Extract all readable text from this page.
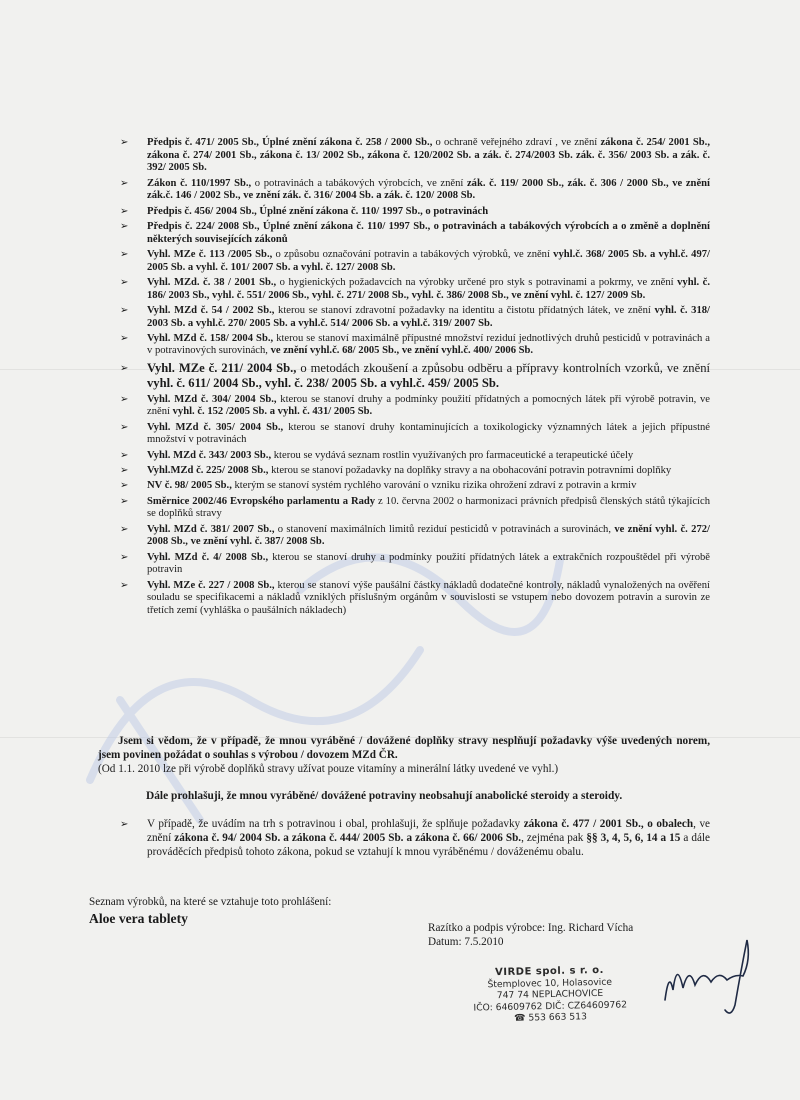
➢	Předpis č. 471/ 2005 Sb., Úplné znění zákona č. 258 / 2000 Sb., o ochraně veřejného zdraví , ve znění zákona č. 254/ 2001 Sb., zákona č. 274/ 2001 Sb., zákona č. 13/ 2002 Sb., zákona č. 120/2002 Sb. a zák. č. 274/2003 Sb. zák. č. 356/ 2003 Sb. a zák. č. 392/ 2005 Sb.
➢	Zákon č. 110/1997 Sb., o potravinách a tabákových výrobcích, ve znění zák. č. 119/ 2000 Sb., zák. č. 306 / 2000 Sb., ve znění zák.č. 146 / 2002 Sb., ve znění zák. č. 316/ 2004 Sb. a zák. č. 120/ 2008 Sb.
➢	Předpis č. 456/ 2004 Sb., Úplné znění zákona č. 110/ 1997 Sb., o potravinách
➢	Předpis č. 224/ 2008 Sb., Úplné znění zákona č. 110/ 1997 Sb., o potravinách a tabákových výrobcích a o změně a doplnění některých souvisejících zákonů
➢	Vyhl. MZe č. 113 /2005 Sb., o způsobu označování potravin a tabákových výrobků, ve znění vyhl.č. 368/ 2005 Sb. a vyhl.č. 497/ 2005 Sb. a vyhl. č. 101/ 2007 Sb. a vyhl. č. 127/ 2008 Sb.
➢	Vyhl. MZd. č. 38 / 2001 Sb., o hygienických požadavcích na výrobky určené pro styk s potravinami a pokrmy, ve znění vyhl. č. 186/ 2003 Sb., vyhl. č. 551/ 2006 Sb., vyhl. č. 271/ 2008 Sb., vyhl. č. 386/ 2008 Sb., ve znění vyhl. č. 127/ 2009 Sb.
➢	Vyhl. MZd č. 54 / 2002 Sb., kterou se stanoví zdravotní požadavky na identitu a čistotu přídatných látek, ve znění vyhl. č. 318/ 2003 Sb. a vyhl.č. 270/ 2005 Sb. a vyhl.č. 514/ 2006 Sb. a vyhl.č. 319/ 2007 Sb.
➢	Vyhl. MZd č. 158/ 2004 Sb., kterou se stanoví maximálně přípustné množství reziduí jednotlivých druhů pesticidů v potravinách a v potravinových surovinách, ve znění vyhl.č. 68/ 2005 Sb., ve znění vyhl.č. 400/ 2006 Sb.
➢	Vyhl. MZe č. 211/ 2004 Sb., o metodách zkoušení a způsobu odběru a přípravy kontrolních vzorků, ve znění vyhl. č. 611/ 2004 Sb., vyhl. č. 238/ 2005 Sb. a vyhl.č. 459/ 2005 Sb.
➢	Vyhl. MZd č. 304/ 2004 Sb., kterou se stanoví druhy a podmínky použití přídatných a pomocných látek při výrobě potravin, ve znění vyhl. č. 152 /2005 Sb. a vyhl. č. 431/ 2005 Sb.
➢	Vyhl. MZd č. 305/ 2004 Sb., kterou se stanoví druhy kontaminujících a toxikologicky významných látek a jejich přípustné množství v potravinách
➢	Vyhl. MZd č. 343/ 2003 Sb., kterou se vydává seznam rostlin využívaných pro farmaceutické a terapeutické účely
➢	Vyhl.MZd č. 225/ 2008 Sb., kterou se stanoví požadavky na doplňky stravy a na obohacování potravin potravními doplňky
➢	NV č. 98/ 2005 Sb., kterým se stanoví systém rychlého varování o vzniku rizika ohrožení zdraví z potravin a krmiv
➢	Směrnice 2002/46 Evropského parlamentu a Rady z 10. června 2002 o harmonizaci právních předpisů členských států týkajících se doplňků stravy
➢	Vyhl. MZd č. 381/ 2007 Sb., o stanovení maximálních limitů reziduí pesticidů v potravinách a surovinách, ve znění vyhl. č. 272/ 2008 Sb., ve znění vyhl. č. 387/ 2008 Sb.
➢	Vyhl. MZd č. 4/ 2008 Sb., kterou se stanoví druhy a podmínky použití přídatných látek a extrakčních rozpouštědel při výrobě potravin
➢	Vyhl. MZe č. 227 / 2008 Sb., kterou se stanoví výše paušální částky nákladů dodatečné kontroly, nákladů vynaložených na ověření souladu se specifikacemi a nákladů vzniklých příslušným orgánům v souvislosti se vstupem nebo dovozem potravin a surovin ze třetích zemí (vyhláška o paušálních nákladech)

Jsem si vědom, že v případě, že mnou vyráběné / dovážené doplňky stravy nesplňují požadavky výše uvedených norem, jsem povinen požádat o souhlas s výrobou / dovozem MZd ČR.

(Od 1.1. 2010 lze při výrobě doplňků stravy užívat pouze vitamíny a minerální látky uvedené ve vyhl.)

Dále prohlašuji, že mnou vyráběné/ dovážené potraviny neobsahují anabolické steroidy a steroidy.
➢	V případě, že uvádím na trh s potravinou i obal, prohlašuji, že splňuje požadavky zákona č. 477 / 2001 Sb., o obalech, ve znění zákona č. 94/ 2004 Sb. a zákona č. 444/ 2005 Sb. a zákona č. 66/ 2006 Sb., zejména pak §§ 3, 4, 5, 6, 14 a 15 a dále prováděcích předpisů tohoto zákona, pokud se vztahují k mnou vyráběnému / dováženému obalu.
Seznam výrobků, na které se vztahuje toto prohlášení:
Aloe vera tablety
Razítko a podpis výrobce: Ing. Richard Vícha
Datum: 7.5.2010
VIRDE spol. s r. o.
Štemplovec 10, Holasovice
747 74 NEPLACHOVICE
IČO: 64609762 DIČ: CZ64609762
☎ 553 663 513
